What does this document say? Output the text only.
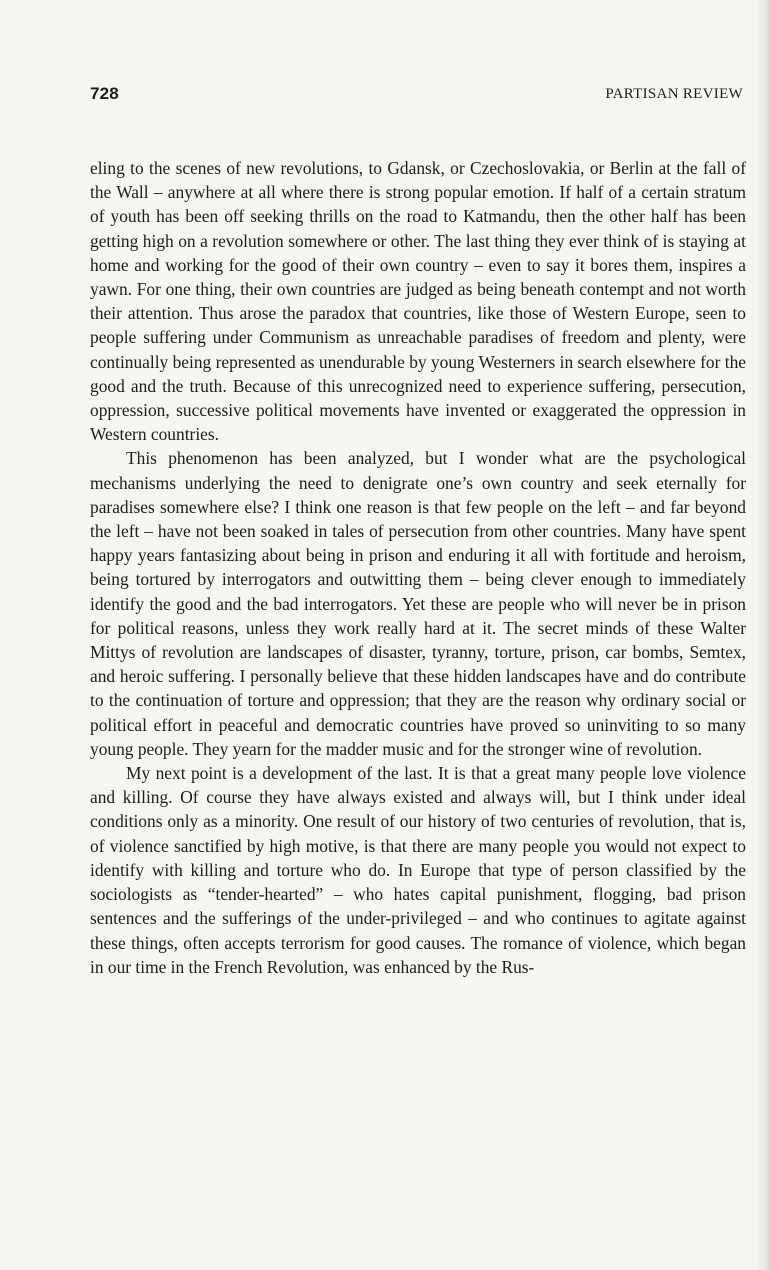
728	PARTISAN REVIEW

eling to the scenes of new revolutions, to Gdansk, or Czechoslovakia, or Berlin at the fall of the Wall – anywhere at all where there is strong popular emotion. If half of a certain stratum of youth has been off seeking thrills on the road to Katmandu, then the other half has been getting high on a revolution somewhere or other. The last thing they ever think of is staying at home and working for the good of their own country – even to say it bores them, inspires a yawn. For one thing, their own countries are judged as being beneath contempt and not worth their attention. Thus arose the paradox that countries, like those of Western Europe, seen to people suffering under Communism as unreachable paradises of freedom and plenty, were continually being represented as unendurable by young Westerners in search elsewhere for the good and the truth. Because of this unrecognized need to experience suffering, persecution, oppression, successive political movements have invented or exaggerated the oppression in Western countries.

This phenomenon has been analyzed, but I wonder what are the psychological mechanisms underlying the need to denigrate one’s own country and seek eternally for paradises somewhere else? I think one reason is that few people on the left – and far beyond the left – have not been soaked in tales of persecution from other countries. Many have spent happy years fantasizing about being in prison and enduring it all with fortitude and heroism, being tortured by interrogators and outwitting them – being clever enough to immediately identify the good and the bad interrogators. Yet these are people who will never be in prison for political reasons, unless they work really hard at it. The secret minds of these Walter Mittys of revolution are landscapes of disaster, tyranny, torture, prison, car bombs, Semtex, and heroic suffering. I personally believe that these hidden landscapes have and do contribute to the continuation of torture and oppression; that they are the reason why ordinary social or political effort in peaceful and democratic countries have proved so uninviting to so many young people. They yearn for the madder music and for the stronger wine of revolution.

My next point is a development of the last. It is that a great many people love violence and killing. Of course they have always existed and always will, but I think under ideal conditions only as a minority. One result of our history of two centuries of revolution, that is, of violence sanctified by high motive, is that there are many people you would not expect to identify with killing and torture who do. In Europe that type of person classified by the sociologists as “tender-hearted” – who hates capital punishment, flogging, bad prison sentences and the sufferings of the under-privileged – and who continues to agitate against these things, often accepts terrorism for good causes. The romance of violence, which began in our time in the French Revolution, was enhanced by the Rus-
